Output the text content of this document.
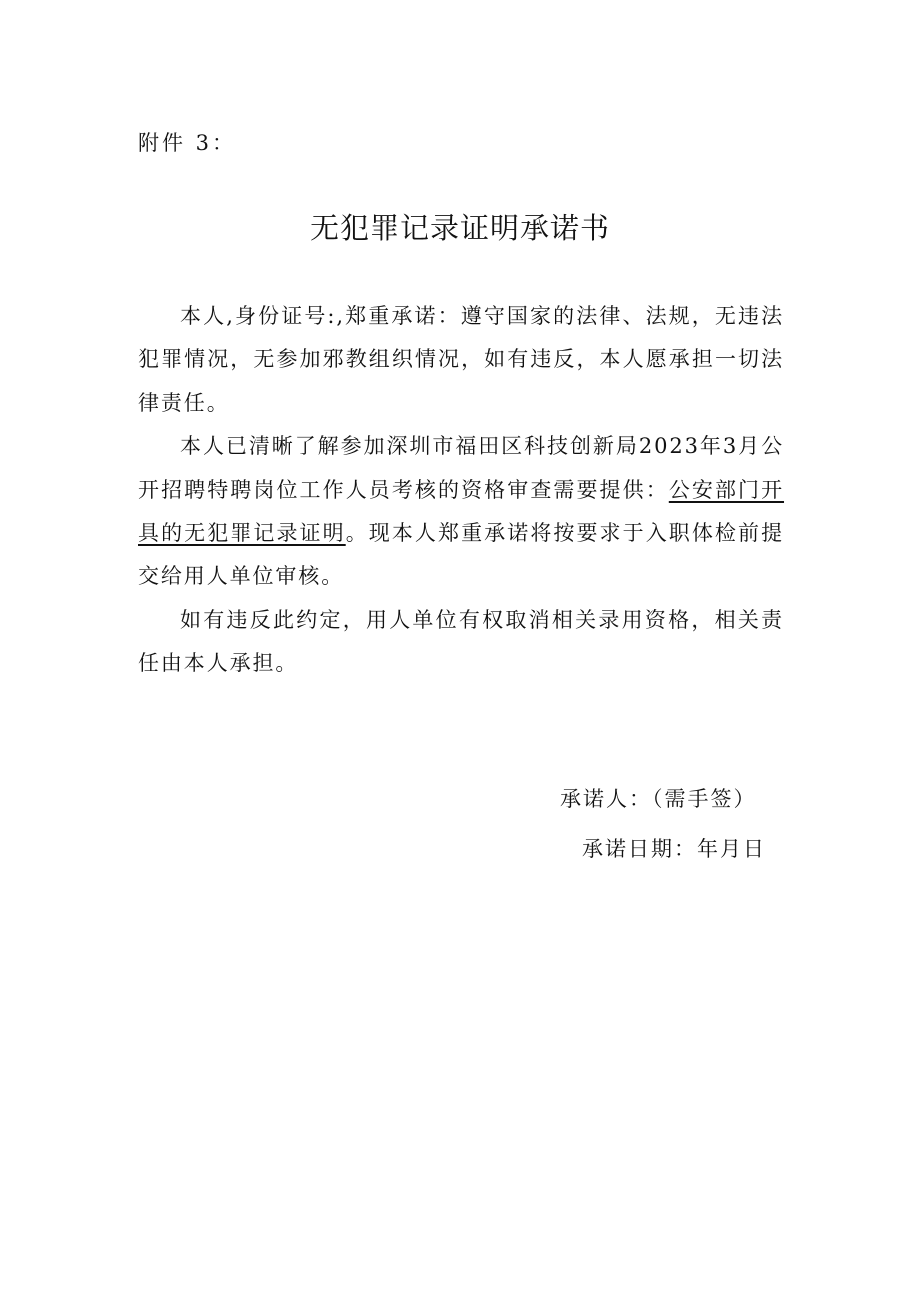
附件 3：
无犯罪记录证明承诺书

本人,身份证号:,郑重承诺：遵守国家的法律、法规，无违法犯罪情况，无参加邪教组织情况，如有违反，本人愿承担一切法律责任。

本人已清晰了解参加深圳市福田区科技创新局2023年3月公开招聘特聘岗位工作人员考核的资格审查需要提供：公安部门开具的无犯罪记录证明。现本人郑重承诺将按要求于入职体检前提交给用人单位审核。

如有违反此约定，用人单位有权取消相关录用资格，相关责任由本人承担。

承诺人：（需手签）
承诺日期：年月日
